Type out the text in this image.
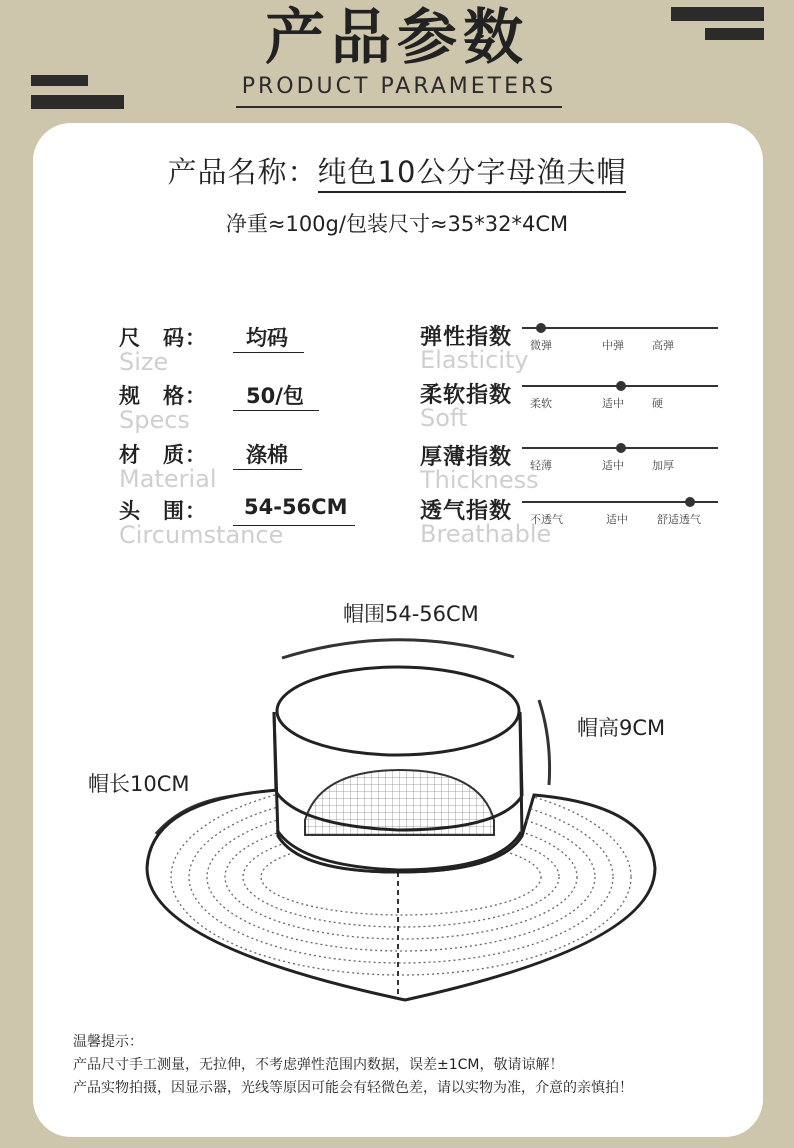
产品参数
PRODUCT PARAMETERS
产品名称：纯色10公分字母渔夫帽
净重≈100g/包装尺寸≈35*32*4CM
尺　码： 均码
Size
规　格： 50/包
Specs
材　质： 涤棉
Material
头　围： 54-56CM
Circumstance
弹性指数
Elasticity
微弹	中弹	高弹
柔软指数
Soft
柔软	适中	硬
厚薄指数
Thickness
轻薄	适中	加厚
透气指数
Breathable
不透气	适中	舒适透气
帽围54-56CM
帽高9CM
帽长10CM
温馨提示：
产品尺寸手工测量，无拉伸，不考虑弹性范围内数据，误差±1CM，敬请谅解！
产品实物拍摄，因显示器，光线等原因可能会有轻微色差，请以实物为准，介意的亲慎拍！
